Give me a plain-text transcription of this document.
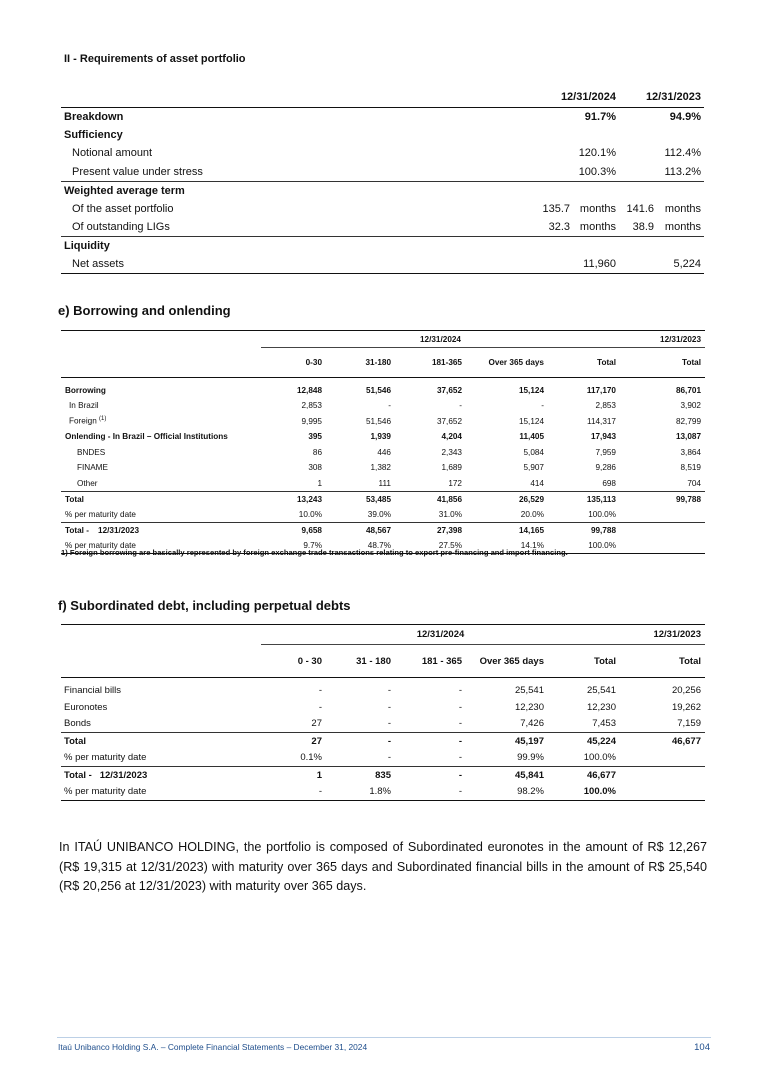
II - Requirements of asset portfolio
	12/31/2024		12/31/2023	
Breakdown	91.7%		94.9%	
Sufficiency				
Notional amount	120.1%		112.4%	
Present value under stress	100.3%		113.2%	
Weighted average term				
Of the asset portfolio	135.7	months	141.6	months
Of outstanding LIGs	32.3	months	38.9	months
Liquidity				
Net assets	11,960		5,224	
e) Borrowing and onlending
	12/31/2024					12/31/2023
	0-30	31-180	181-365	Over 365 days	Total	Total

Borrowing	12,848	51,546	37,652	15,124	117,170	86,701
In Brazil	2,853	-	-	-	2,853	3,902
Foreign $^{(1)}$	9,995	51,546	37,652	15,124	114,317	82,799
Onlending - In Brazil – Official Institutions	395	1,939	4,204	11,405	17,943	13,087
BNDES	86	446	2,343	5,084	7,959	3,864
FINAME	308	1,382	1,689	5,907	9,286	8,519
Other	1	111	172	414	698	704
Total	13,243	53,485	41,856	26,529	135,113	99,788
% per maturity date	10.0%	39.0%	31.0%	20.0%	100.0%	
Total -    12/31/2023	9,658	48,567	27,398	14,165	99,788	
% per maturity date	9.7%	48.7%	27.5%	14.1%	100.0%	
1) Foreign borrowing are basically represented by foreign exchange trade transactions relating to export pre-financing and import financing.
f) Subordinated debt, including perpetual debts
	12/31/2024					12/31/2023
	0 - 30	31 - 180	181 - 365	Over 365 days	Total	Total

Financial bills	-	-	-	25,541	25,541	20,256
Euronotes	-	-	-	12,230	12,230	19,262
Bonds	27	-	-	7,426	7,453	7,159
Total	27	-	-	45,197	45,224	46,677
% per maturity date	0.1%	-	-	99.9%	100.0%	
Total -   12/31/2023	1	835	-	45,841	46,677	
% per maturity date	-	1.8%	-	98.2%	100.0%	
In ITAÚ UNIBANCO HOLDING, the portfolio is composed of Subordinated euronotes in the amount of R$ 12,267 (R$ 19,315 at 12/31/2023) with maturity over 365 days and Subordinated financial bills in the amount of R$ 25,540 (R$ 20,256 at 12/31/2023) with maturity over 365 days.
Itaú Unibanco Holding S.A. – Complete Financial Statements – December 31, 2024	104
